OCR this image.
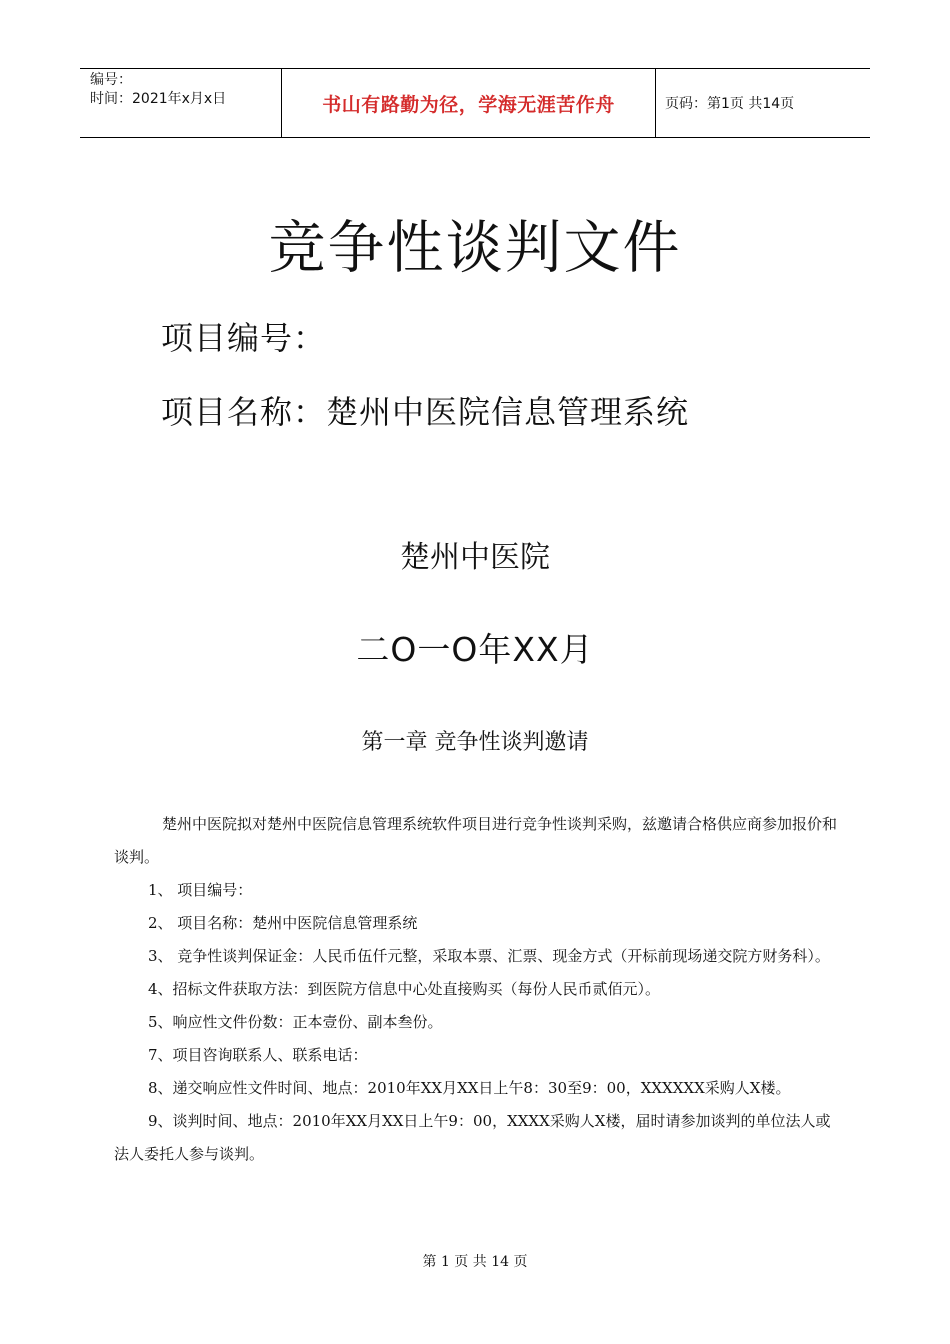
编号：
时间：2021年x月x日	书山有路勤为径，学海无涯苦作舟	页码：第1页 共14页
竞争性谈判文件
项目编号：
项目名称：楚州中医院信息管理系统
楚州中医院
二O一O年XX月
第一章 竞争性谈判邀请

楚州中医院拟对楚州中医院信息管理系统软件项目进行竞争性谈判采购，兹邀请合格供应商参加报价和谈判。

1、 项目编号：

2、 项目名称：楚州中医院信息管理系统

3、 竞争性谈判保证金：人民币伍仟元整，采取本票、汇票、现金方式（开标前现场递交院方财务科）。

4、招标文件获取方法：到医院方信息中心处直接购买（每份人民币贰佰元）。

5、响应性文件份数：正本壹份、副本叁份。

7、项目咨询联系人、联系电话：

8、递交响应性文件时间、地点：2010年XX月XX日上午8：30至9：00，XXXXXX采购人X楼。

9、谈判时间、地点：2010年XX月XX日上午9：00，XXXX采购人X楼，届时请参加谈判的单位法人或法人委托人参与谈判。

第 1 页 共 14 页
